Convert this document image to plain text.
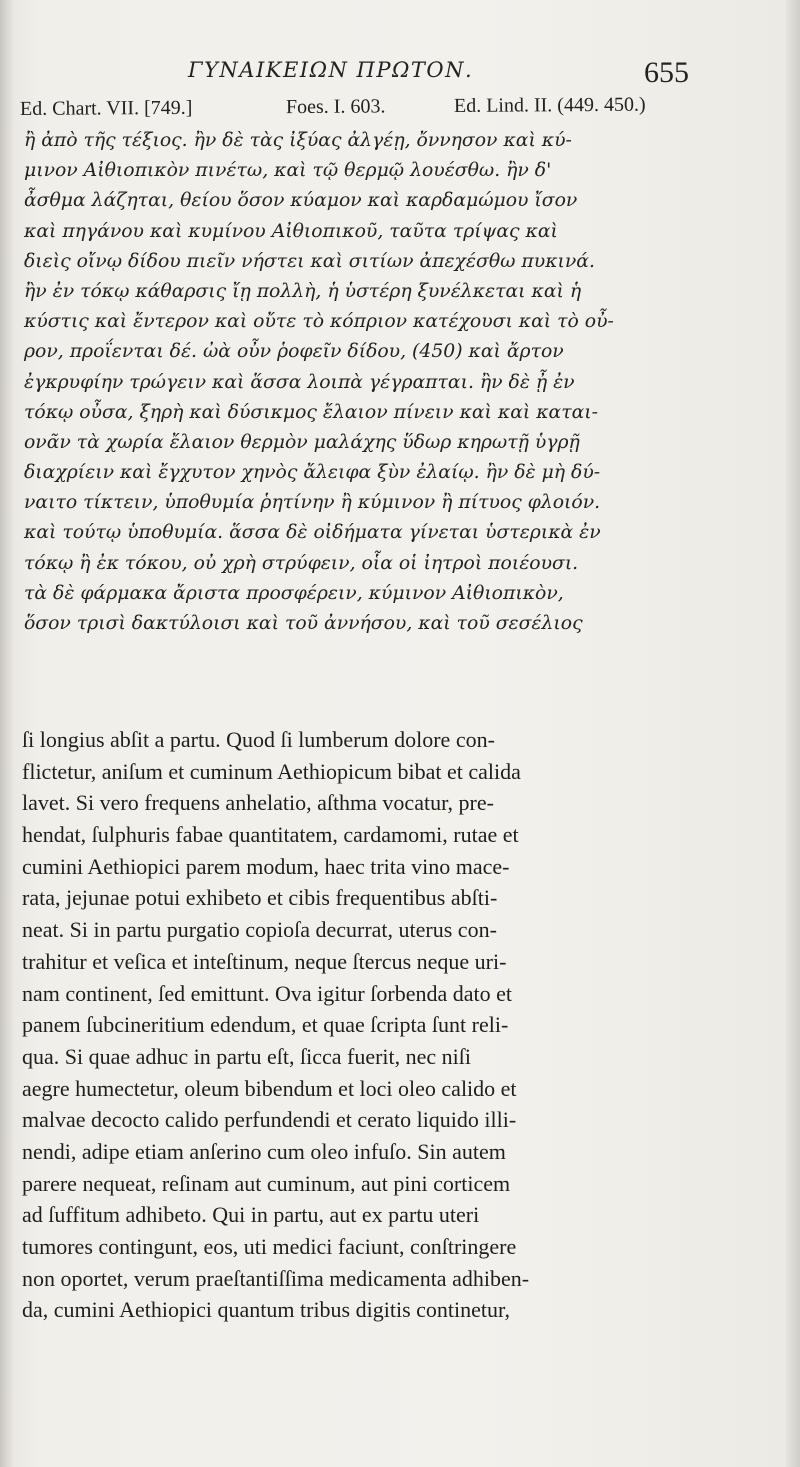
ΓΥΝΑΙΚΕΙΩΝ ΠΡΩΤΟΝ.	655
Ed. Chart. VII. [749.]	Foes. I. 603.	Ed. Lind. II. (449. 450.)
ἢ ἀπὸ τῆς τέξιος. ἢν δὲ τὰς ἰξύας ἀλγέῃ, ὄννησον καὶ κύ-
μινον Αἰθιοπικὸν πινέτω, καὶ τῷ θερμῷ λουέσθω. ἢν δ'
ἆσθμα λάζηται, θείου ὅσον κύαμον καὶ καρδαμώμου ἴσον
καὶ πηγάνου καὶ κυμίνου Αἰθιοπικοῦ, ταῦτα τρίψας καὶ
διεὶς οἴνῳ δίδου πιεῖν νήστει καὶ σιτίων ἀπεχέσθω πυκινά.
ἢν ἐν τόκῳ κάθαρσις ἴῃ πολλὴ, ἡ ὑστέρη ξυνέλκεται καὶ ἡ
κύστις καὶ ἔντερον καὶ οὔτε τὸ κόπριον κατέχουσι καὶ τὸ οὖ-
ρον, προΐενται δέ. ὠὰ οὖν ῥοφεῖν δίδου, (450) καὶ ἄρτον
ἐγκρυφίην τρώγειν καὶ ἅσσα λοιπὰ γέγραπται. ἢν δὲ ᾖ ἐν
τόκῳ οὖσα, ξηρὴ καὶ δύσικμος ἔλαιον πίνειν καὶ καὶ καται-
ονᾶν τὰ χωρία ἔλαιον θερμὸν μαλάχης ὕδωρ κηρωτῇ ὑγρῇ
διαχρίειν καὶ ἔγχυτον χηνὸς ἄλειφα ξὺν ἐλαίῳ. ἢν δὲ μὴ δύ-
ναιτο τίκτειν, ὑποθυμία ῥητίνην ἢ κύμινον ἢ πίτυος φλοιόν.
καὶ τούτῳ ὑποθυμία. ἅσσα δὲ οἰδήματα γίνεται ὑστερικὰ ἐν
τόκῳ ἢ ἐκ τόκου, οὐ χρὴ στρύφειν, οἷα οἱ ἰητροὶ ποιέουσι.
τὰ δὲ φάρμακα ἄριστα προσφέρειν, κύμινον Αἰθιοπικὸν,
ὅσον τρισὶ δακτύλοισι καὶ τοῦ ἀννήσου, καὶ τοῦ σεσέλιος
ſi longius abſit a partu. Quod ſi lumberum dolore con-
flictetur, aniſum et cuminum Aethiopicum bibat et calida
lavet. Si vero frequens anhelatio, aſthma vocatur, pre-
hendat, ſulphuris fabae quantitatem, cardamomi, rutae et
cumini Aethiopici parem modum, haec trita vino mace-
rata, jejunae potui exhibeto et cibis frequentibus abſti-
neat. Si in partu purgatio copioſa decurrat, uterus con-
trahitur et veſica et inteſtinum, neque ſtercus neque uri-
nam continent, ſed emittunt. Ova igitur ſorbenda dato et
panem ſubcineritium edendum, et quae ſcripta ſunt reli-
qua. Si quae adhuc in partu eſt, ſicca fuerit, nec niſi
aegre humectetur, oleum bibendum et loci oleo calido et
malvae decocto calido perfundendi et cerato liquido illi-
nendi, adipe etiam anſerino cum oleo infuſo. Sin autem
parere nequeat, reſinam aut cuminum, aut pini corticem
ad ſuffitum adhibeto. Qui in partu, aut ex partu uteri
tumores contingunt, eos, uti medici faciunt, conſtringere
non oportet, verum praeſtantiſſima medicamenta adhiben-
da, cumini Aethiopici quantum tribus digitis continetur,
